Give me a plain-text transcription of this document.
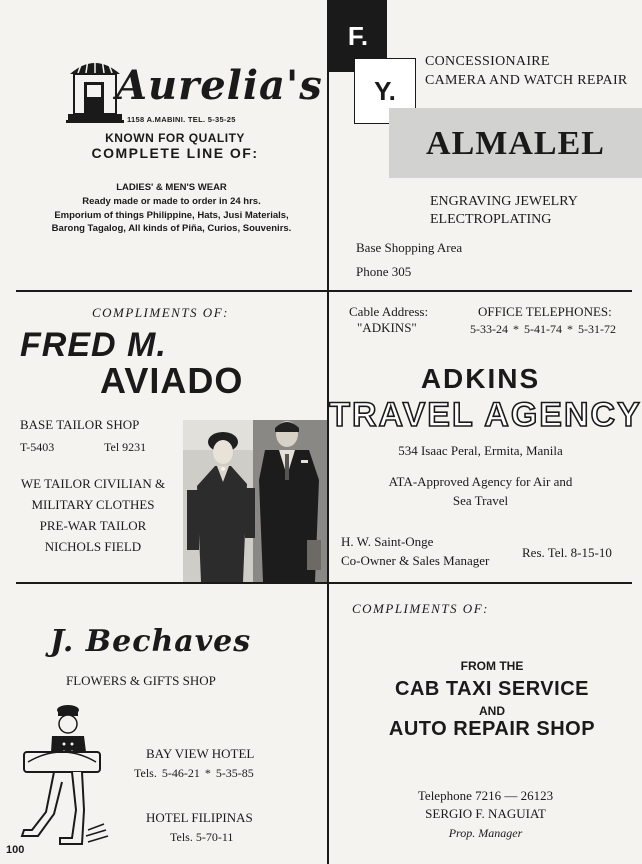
Aurelia's
1158 A.MABINI. TEL. 5-35-25
KNOWN FOR QUALITY
COMPLETE LINE OF:
LADIES' & MEN'S WEAR
Ready made or made to order in 24 hrs.
Emporium of things Philippine, Hats, Jusi Materials,
Barong Tagalog, All kinds of Piña, Curios, Souvenirs.
F.
Y.
CONCESSIONAIRE
CAMERA AND WATCH REPAIR
ALMALEL
ENGRAVING JEWELRY
ELECTROPLATING
Base Shopping Area
Phone 305
COMPLIMENTS OF:
FRED M.
AVIADO
BASE TAILOR SHOP
T-5403	Tel 9231
WE TAILOR CIVILIAN &
MILITARY CLOTHES
PRE-WAR TAILOR
NICHOLS FIELD
Cable Address:
"ADKINS"
OFFICE TELEPHONES:
5-33-24 * 5-41-74 * 5-31-72
ADKINS
TRAVEL AGENCY
534 Isaac Peral, Ermita, Manila
ATA-Approved Agency for Air and
Sea Travel
H. W. Saint-Onge
Co-Owner & Sales Manager
Res. Tel. 8-15-10
J. Bechaves
FLOWERS & GIFTS SHOP
BAY VIEW HOTEL
Tels. 5-46-21 * 5-35-85
HOTEL FILIPINAS
Tels. 5-70-11
COMPLIMENTS OF:
FROM THE
CAB TAXI SERVICE
AND
AUTO REPAIR SHOP
Telephone 7216 — 26123
SERGIO F. NAGUIAT
Prop. Manager
100
